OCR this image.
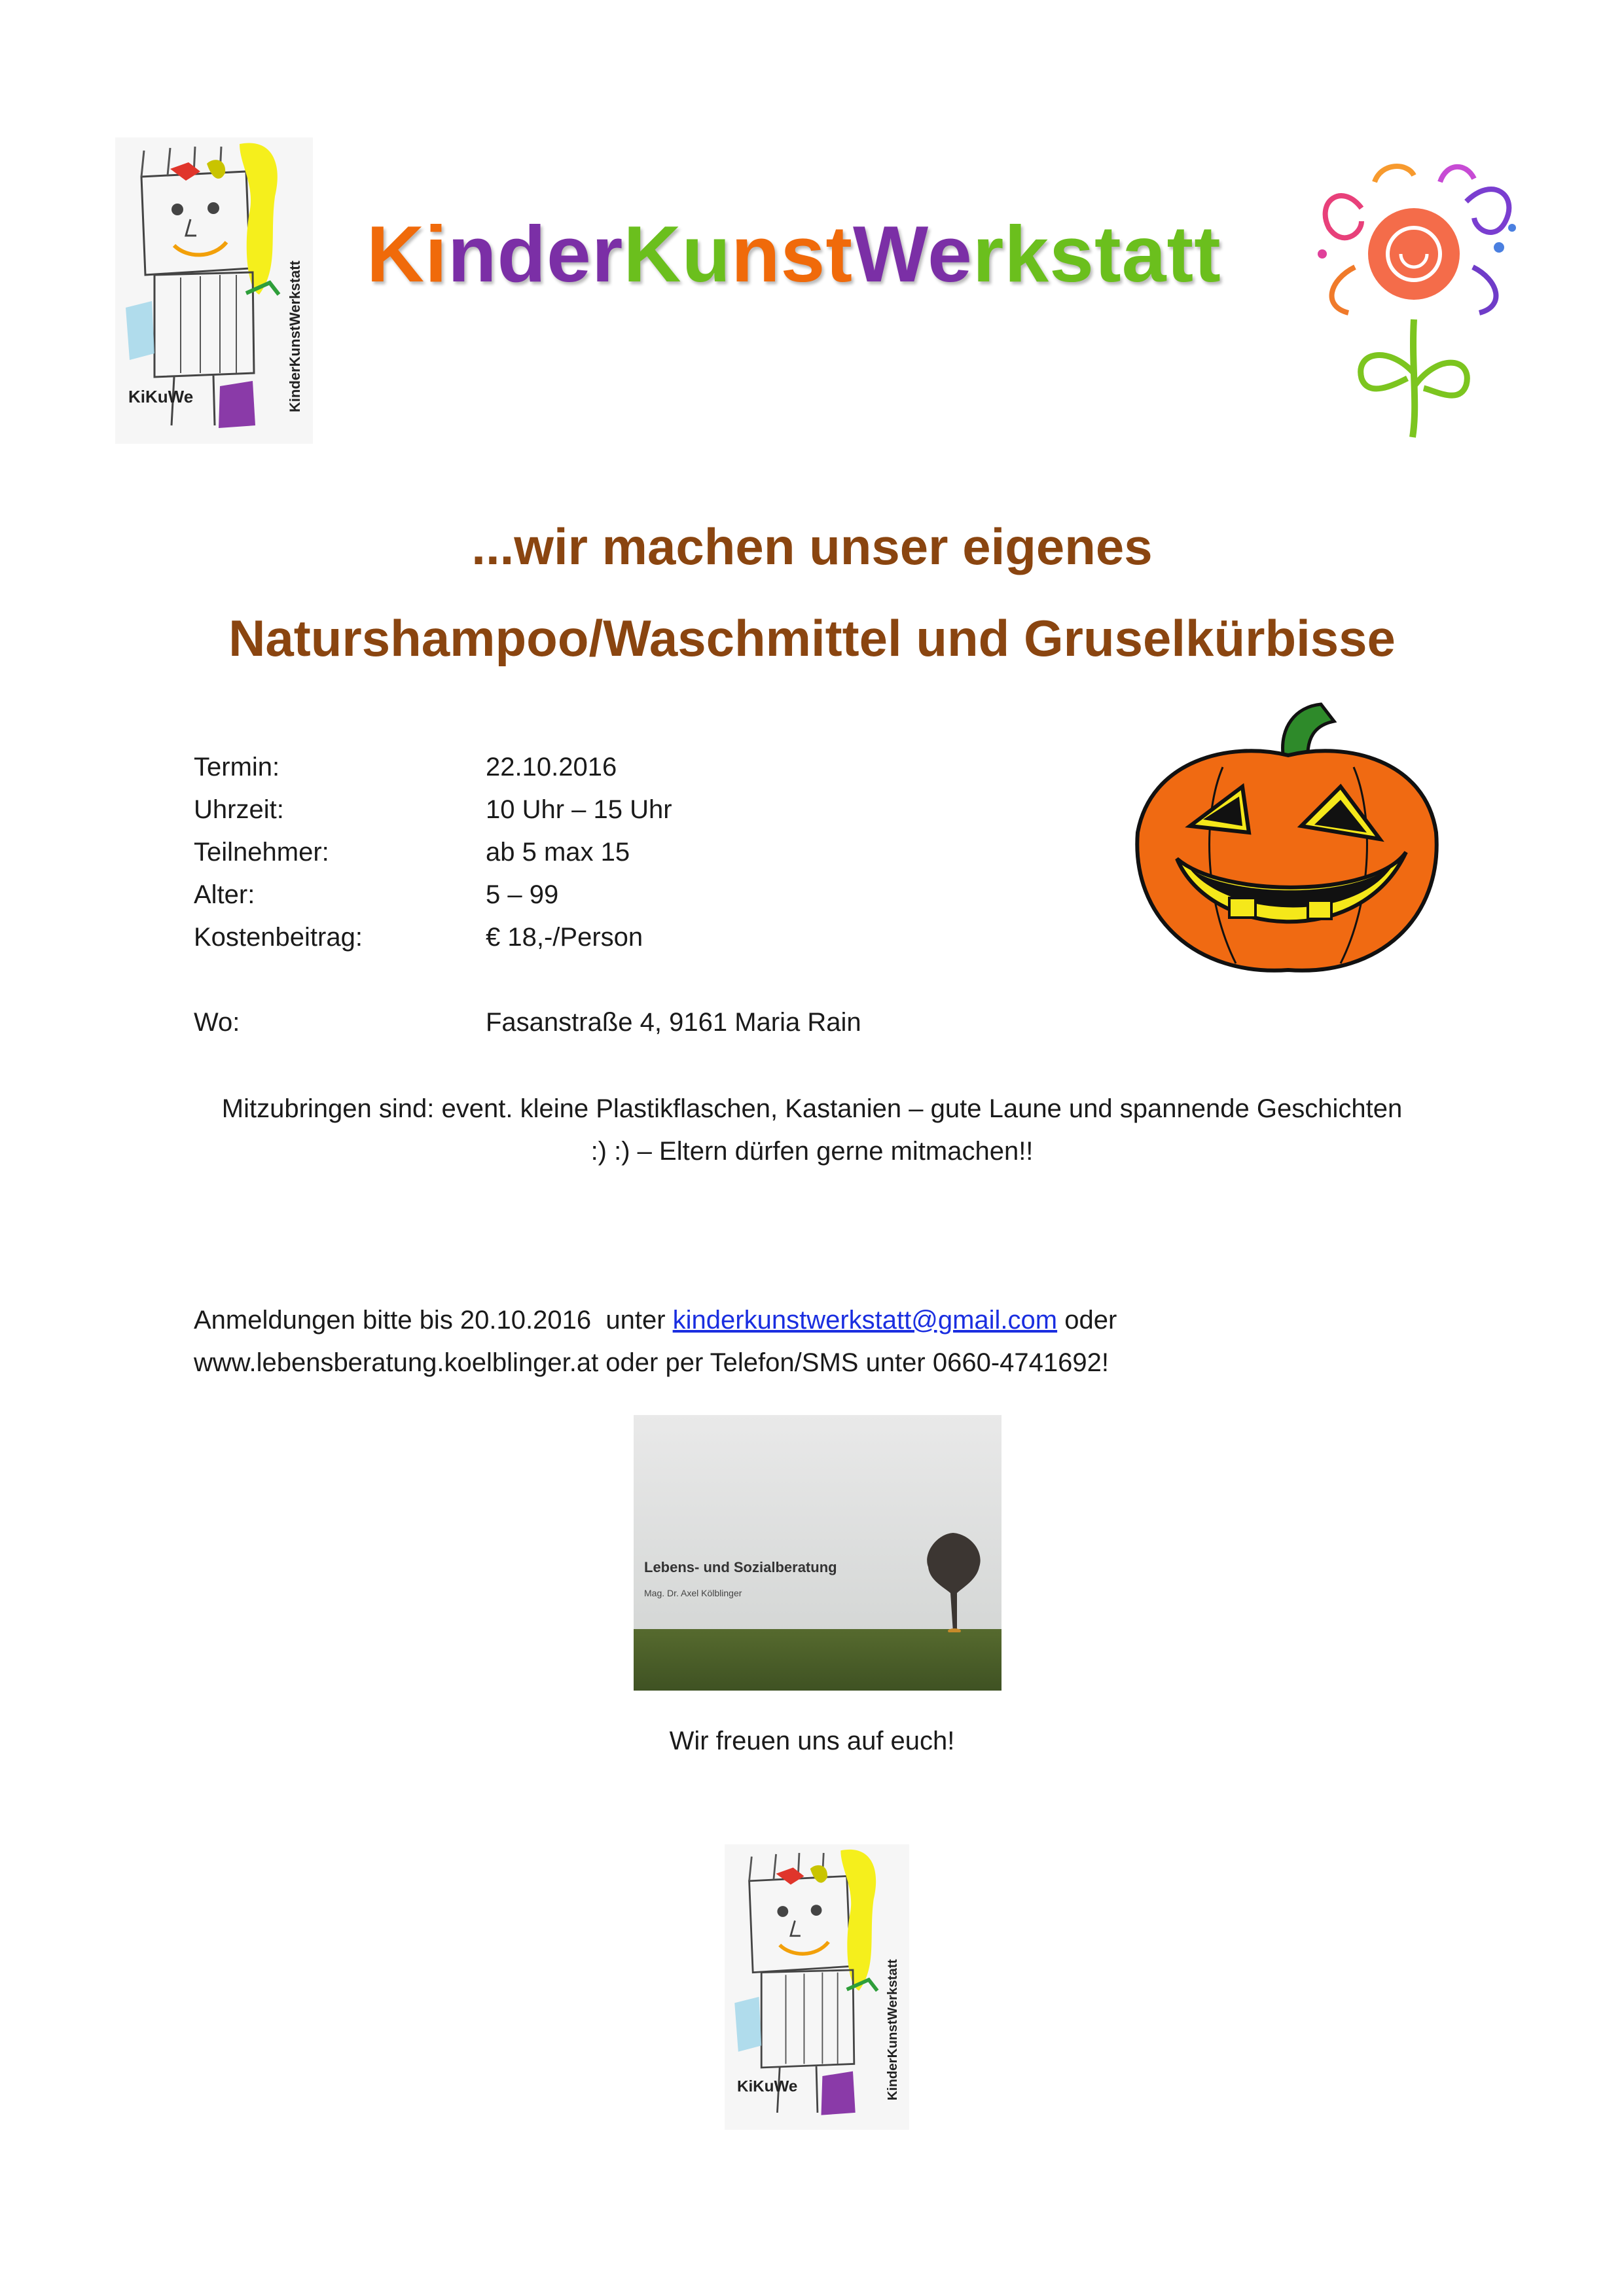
KiKuWe	KinderKunstWerkstatt
KinderKunstWerkstatt
...wir machen unser eigenes
Naturshampoo/Waschmittel und Gruselkürbisse
Termin:	22.10.2016
Uhrzeit:	10 Uhr – 15 Uhr
Teilnehmer:	ab 5 max 15
Alter:	5 – 99
Kostenbeitrag:	€ 18,-/Person
Wo:	Fasanstraße 4, 9161 Maria Rain
Mitzubringen sind: event. kleine Plastikflaschen, Kastanien – gute Laune und spannende Geschichten
:) :) – Eltern dürfen gerne mitmachen!!
Anmeldungen bitte bis 20.10.2016  unter kinderkunstwerkstatt@gmail.com oder
www.lebensberatung.koelblinger.at oder per Telefon/SMS unter 0660-4741692!
Lebens- und Sozialberatung
Mag. Dr. Axel Kölblinger
Wir freuen uns auf euch!
KiKuWe	KinderKunstWerkstatt
